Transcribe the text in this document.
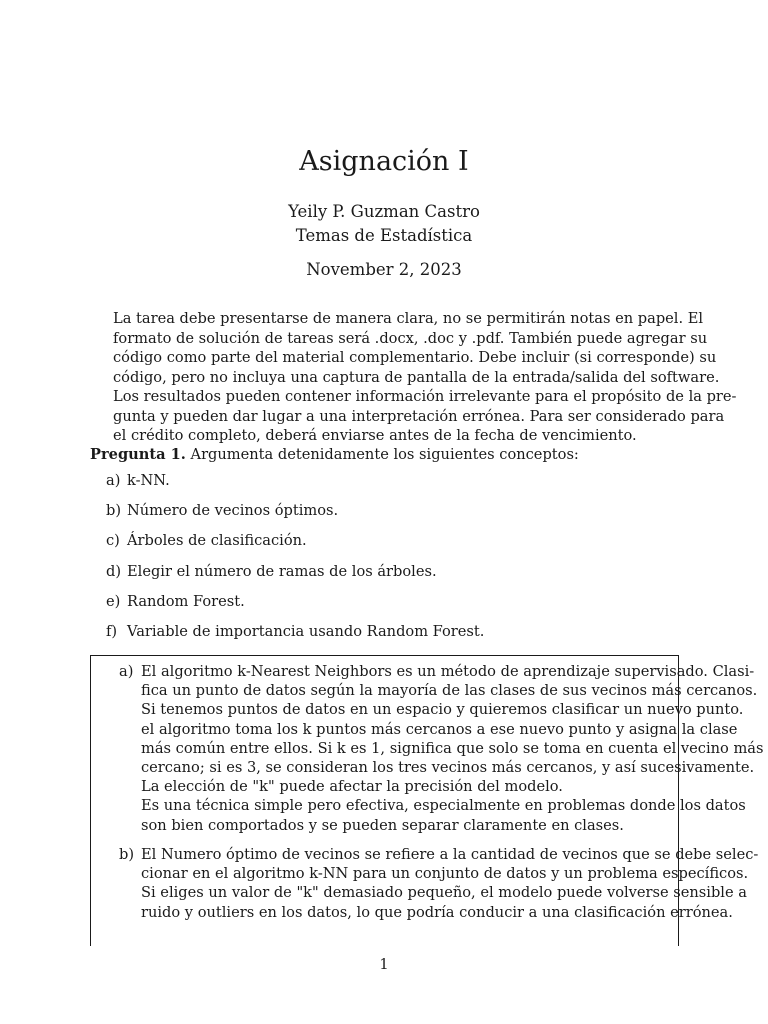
Asignación I
Yeily P. Guzman Castro
Temas de Estadística
November 2, 2023
La tarea debe presentarse de manera clara, no se permitirán notas en papel. El
formato de solución de tareas será .docx, .doc y .pdf. También puede agregar su
código como parte del material complementario. Debe incluir (si corresponde) su
código, pero no incluya una captura de pantalla de la entrada/salida del software.
Los resultados pueden contener información irrelevante para el propósito de la pre-
gunta y pueden dar lugar a una interpretación errónea. Para ser considerado para
el crédito completo, deberá enviarse antes de la fecha de vencimiento.
Pregunta 1. Argumenta detenidamente los siguientes conceptos:
a) k-NN.
b) Número de vecinos óptimos.
c) Árboles de clasificación.
d) Elegir el número de ramas de los árboles.
e) Random Forest.
f) Variable de importancia usando Random Forest.
a) El algoritmo k-Nearest Neighbors es un método de aprendizaje supervisado. Clasi-
fica un punto de datos según la mayoría de las clases de sus vecinos más cercanos.
Si tenemos puntos de datos en un espacio y quieremos clasificar un nuevo punto.
el algoritmo toma los k puntos más cercanos a ese nuevo punto y asigna la clase
más común entre ellos. Si k es 1, significa que solo se toma en cuenta el vecino más
cercano; si es 3, se consideran los tres vecinos más cercanos, y así sucesivamente.
La elección de "k" puede afectar la precisión del modelo.
Es una técnica simple pero efectiva, especialmente en problemas donde los datos
son bien comportados y se pueden separar claramente en clases.
b) El Numero óptimo de vecinos se refiere a la cantidad de vecinos que se debe selec-
cionar en el algoritmo k-NN para un conjunto de datos y un problema específicos.
Si eliges un valor de "k" demasiado pequeño, el modelo puede volverse sensible a
ruido y outliers en los datos, lo que podría conducir a una clasificación errónea.
1
